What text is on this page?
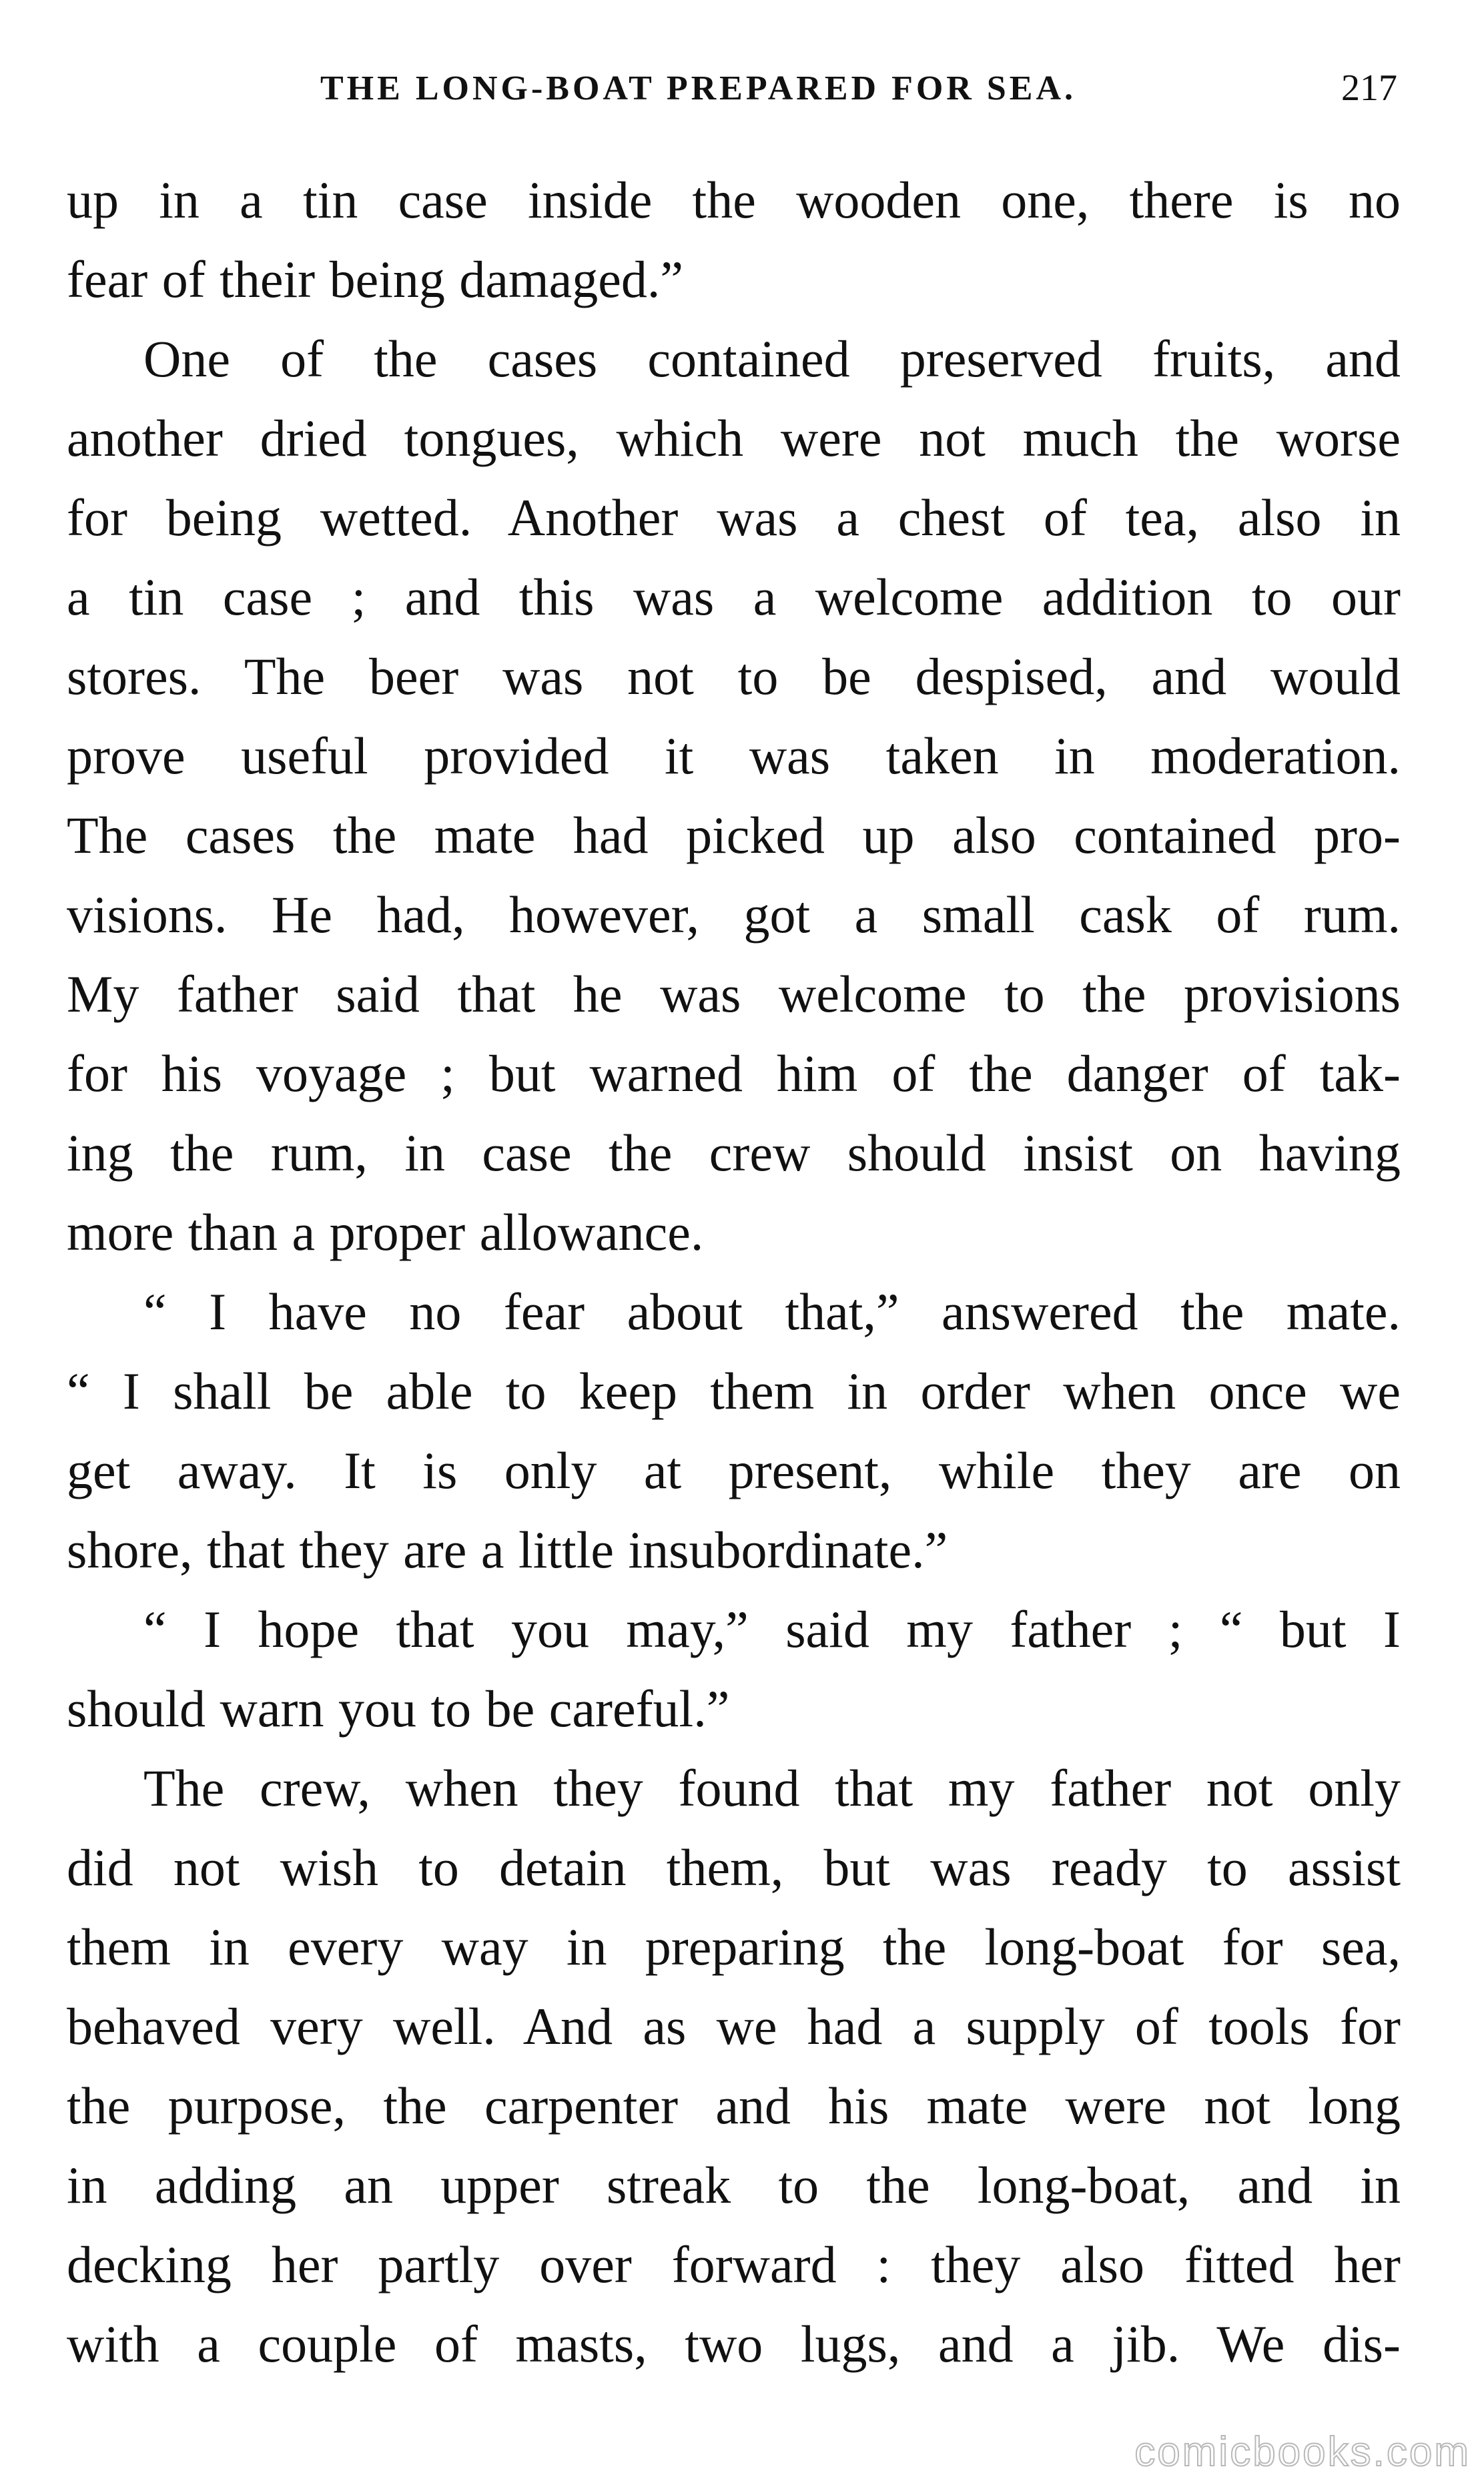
THE LONG-BOAT PREPARED FOR SEA.	217

up in a tin case inside the wooden one, there is no
fear of their being damaged.”

One of the cases contained preserved fruits, and
another dried tongues, which were not much the worse
for being wetted. Another was a chest of tea, also in
a tin case ; and this was a welcome addition to our
stores. The beer was not to be despised, and would
prove useful provided it was taken in moderation.
The cases the mate had picked up also contained pro-
visions. He had, however, got a small cask of rum.
My father said that he was welcome to the provisions
for his voyage ; but warned him of the danger of tak-
ing the rum, in case the crew should insist on having
more than a proper allowance.

“ I have no fear about that,” answered the mate.
“ I shall be able to keep them in order when once we
get away. It is only at present, while they are on
shore, that they are a little insubordinate.”

“ I hope that you may,” said my father ; “ but I
should warn you to be careful.”

The crew, when they found that my father not only
did not wish to detain them, but was ready to assist
them in every way in preparing the long-boat for sea,
behaved very well. And as we had a supply of tools for
the purpose, the carpenter and his mate were not long
in adding an upper streak to the long-boat, and in
decking her partly over forward : they also fitted her
with a couple of masts, two lugs, and a jib. We dis-

comicbooks.com
